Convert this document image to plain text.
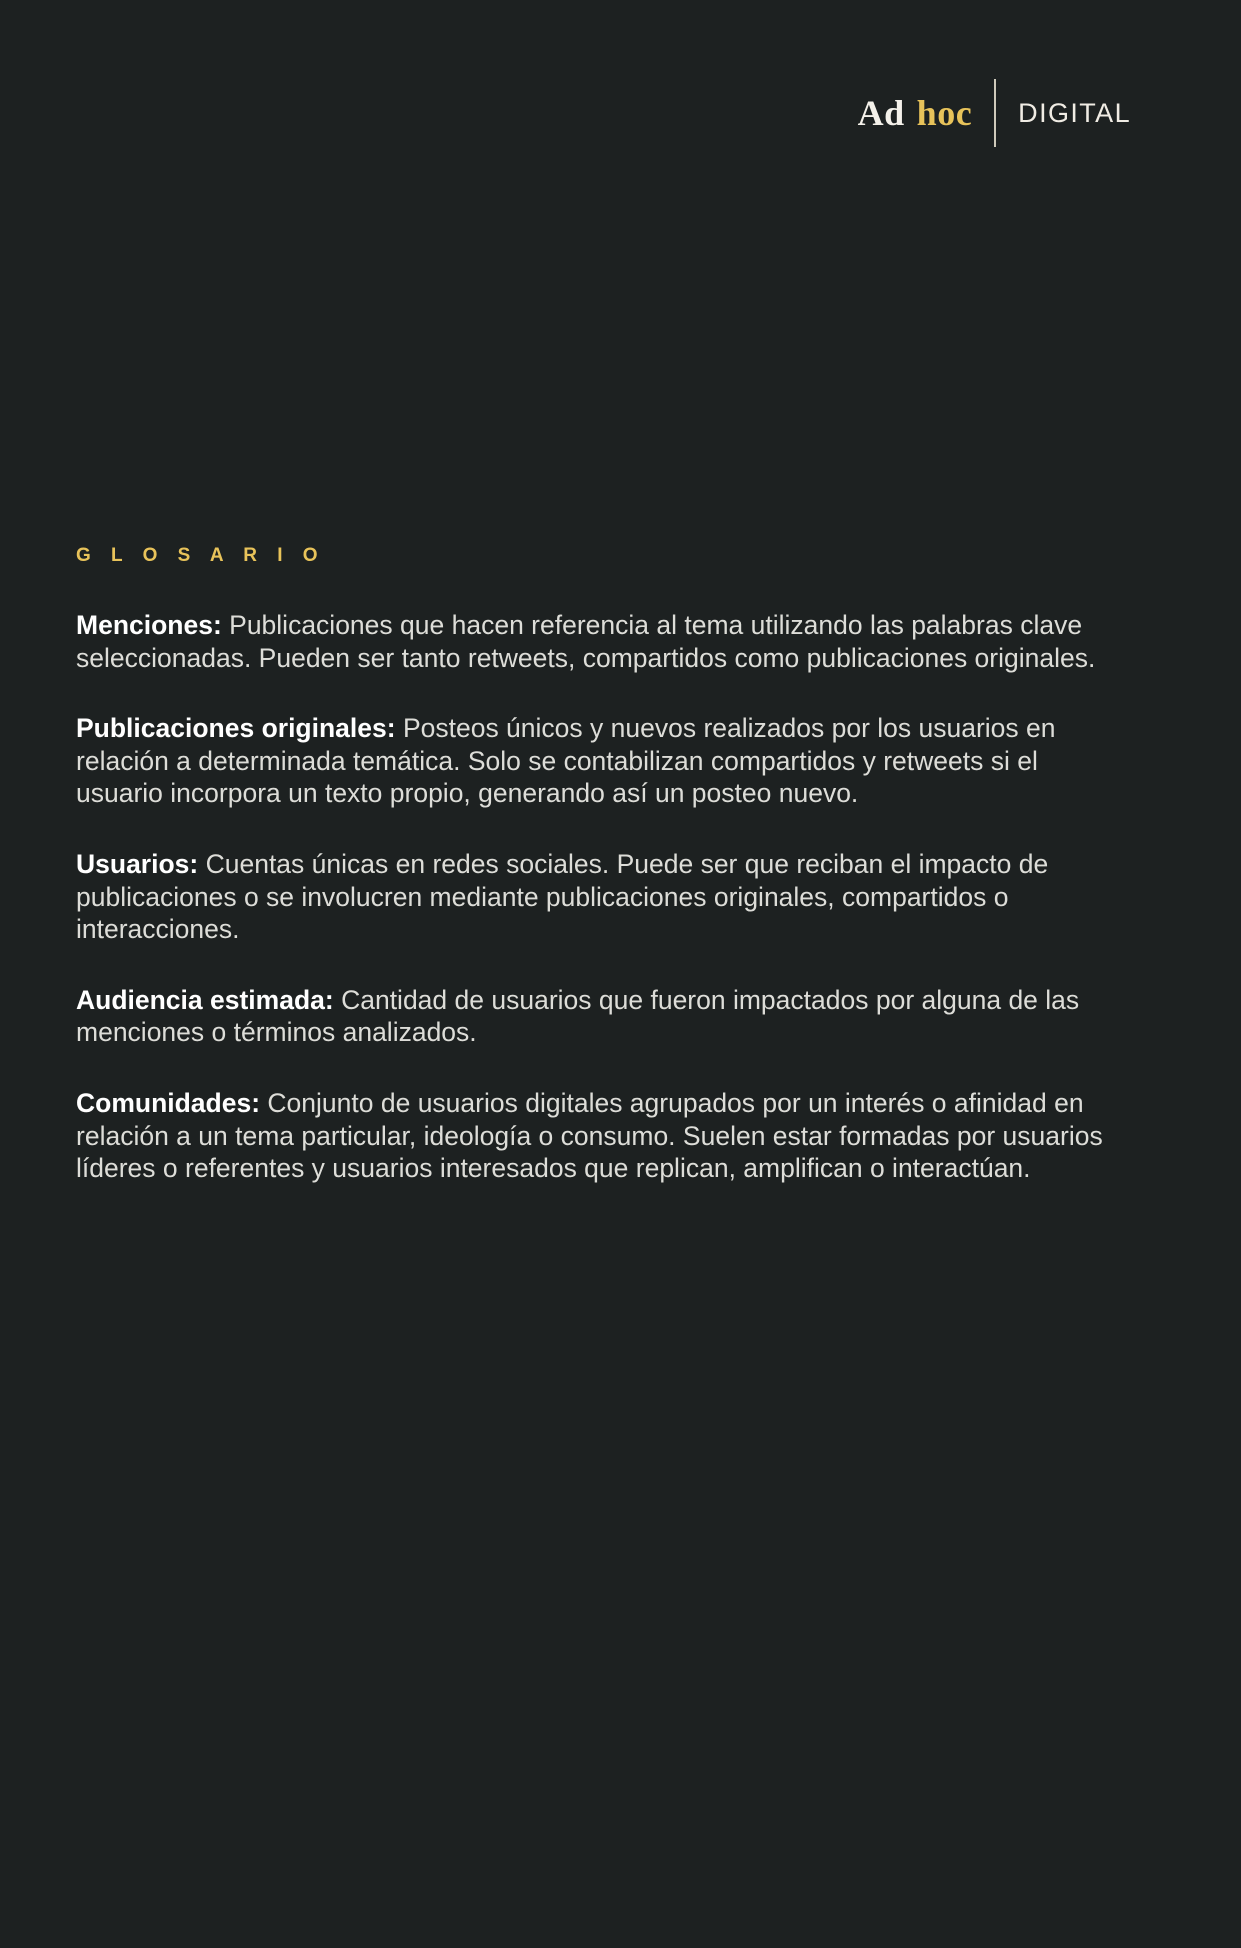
Ad hoc DIGITAL

G L O S A R I O

Menciones: Publicaciones que hacen referencia al tema utilizando las palabras clave seleccionadas. Pueden ser tanto retweets, compartidos como publicaciones originales.

Publicaciones originales: Posteos únicos y nuevos realizados por los usuarios en relación a determinada temática. Solo se contabilizan compartidos y retweets si el usuario incorpora un texto propio, generando así un posteo nuevo.

Usuarios: Cuentas únicas en redes sociales. Puede ser que reciban el impacto de publicaciones o se involucren mediante publicaciones originales, compartidos o interacciones.

Audiencia estimada: Cantidad de usuarios que fueron impactados por alguna de las menciones o términos analizados.

Comunidades: Conjunto de usuarios digitales agrupados por un interés o afinidad en relación a un tema particular, ideología o consumo. Suelen estar formadas por usuarios líderes o referentes y usuarios interesados que replican, amplifican o interactúan.
